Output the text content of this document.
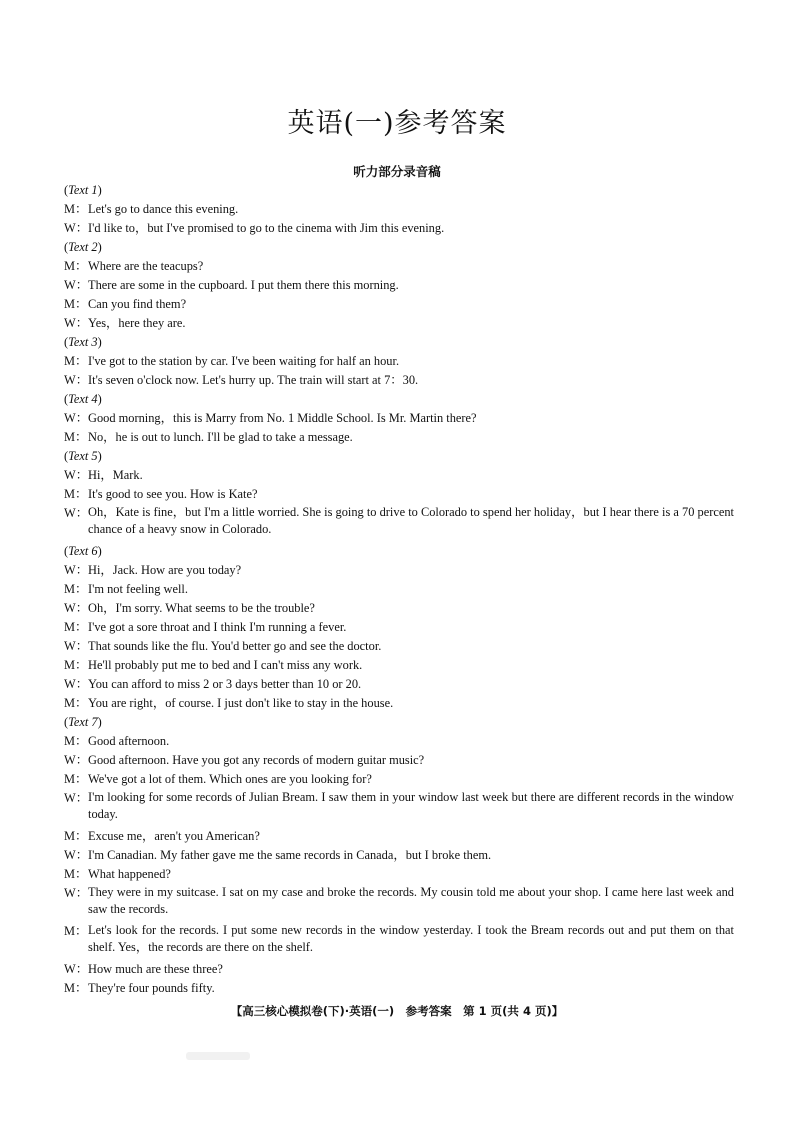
英语(一)参考答案
听力部分录音稿
(Text 1)
M：Let's go to dance this evening.
W：I'd like to，but I've promised to go to the cinema with Jim this evening.
(Text 2)
M：Where are the teacups?
W：There are some in the cupboard. I put them there this morning.
M：Can you find them?
W：Yes，here they are.
(Text 3)
M：I've got to the station by car. I've been waiting for half an hour.
W：It's seven o'clock now. Let's hurry up. The train will start at 7：30.
(Text 4)
W：Good morning，this is Marry from No. 1 Middle School. Is Mr. Martin there?
M：No，he is out to lunch. I'll be glad to take a message.
(Text 5)
W：Hi，Mark.
M：It's good to see you. How is Kate?
W： Oh，Kate is fine，but I'm a little worried. She is going to drive to Colorado to spend her holiday，but I hear there is a 70 percent chance of a heavy snow in Colorado.
(Text 6)
W：Hi，Jack. How are you today?
M：I'm not feeling well.
W：Oh，I'm sorry. What seems to be the trouble?
M：I've got a sore throat and I think I'm running a fever.
W：That sounds like the flu. You'd better go and see the doctor.
M：He'll probably put me to bed and I can't miss any work.
W：You can afford to miss 2 or 3 days better than 10 or 20.
M：You are right，of course. I just don't like to stay in the house.
(Text 7)
M：Good afternoon.
W：Good afternoon. Have you got any records of modern guitar music?
M：We've got a lot of them. Which ones are you looking for?
W： I'm looking for some records of Julian Bream. I saw them in your window last week but there are different records in the window today.
M：Excuse me，aren't you American?
W：I'm Canadian. My father gave me the same records in Canada，but I broke them.
M：What happened?
W： They were in my suitcase. I sat on my case and broke the records. My cousin told me about your shop. I came here last week and saw the records.
M： Let's look for the records. I put some new records in the window yesterday. I took the Bream records out and put them on that shelf. Yes，the records are there on the shelf.
W：How much are these three?
M：They're four pounds fifty.
【高三核心模拟卷(下)·英语(一)　参考答案　第 1 页(共 4 页)】
